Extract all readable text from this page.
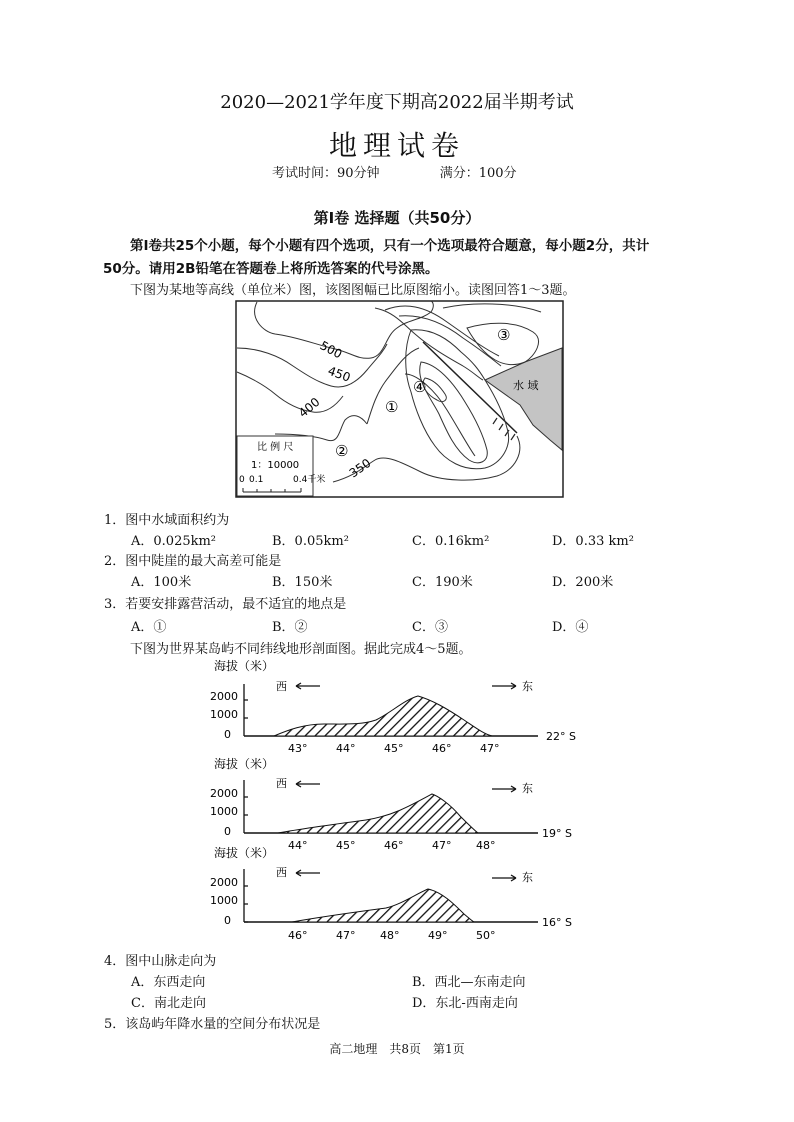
2020—2021学年度下期高2022届半期考试
地理试卷
考试时间：90分钟	满分：100分
第Ⅰ卷 选择题（共50分）
第Ⅰ卷共25个小题，每个小题有四个选项，只有一个选项最符合题意，每小题2分，共计
50分。请用2B铅笔在答题卷上将所选答案的代号涂黑。
下图为某地等高线（单位米）图，该图图幅已比原图缩小。读图回答1～3题。
500
450
400
350
①
②
③
④	水 域
比 例 尺
1：10000
0 0.1	0.4千米
1．图中水域面积约为
A．0.025km²	B．0.05km²	C．0.16km²	D．0.33 km²
2．图中陡崖的最大高差可能是
A．100米	B．150米	C．190米	D．200米
3．若要安排露营活动，最不适宜的地点是
A．①	B．②	C．③	D．④
下图为世界某岛屿不同纬线地形剖面图。据此完成4～5题。
海拔（米）
2000
1000
0
西	东
43°	44°	45°	46°	47°
22° S
海拔（米）
2000
1000
0
西	东
44°	45°	46°	47° 48°
19° S
海拔（米）
2000
1000
0
西	东
46°	47° 48°	49°	50°
16° S
4．图中山脉走向为
A．东西走向	B．西北—东南走向
C．南北走向	D．东北-西南走向
5．该岛屿年降水量的空间分布状况是
高二地理　共8页　第1页
